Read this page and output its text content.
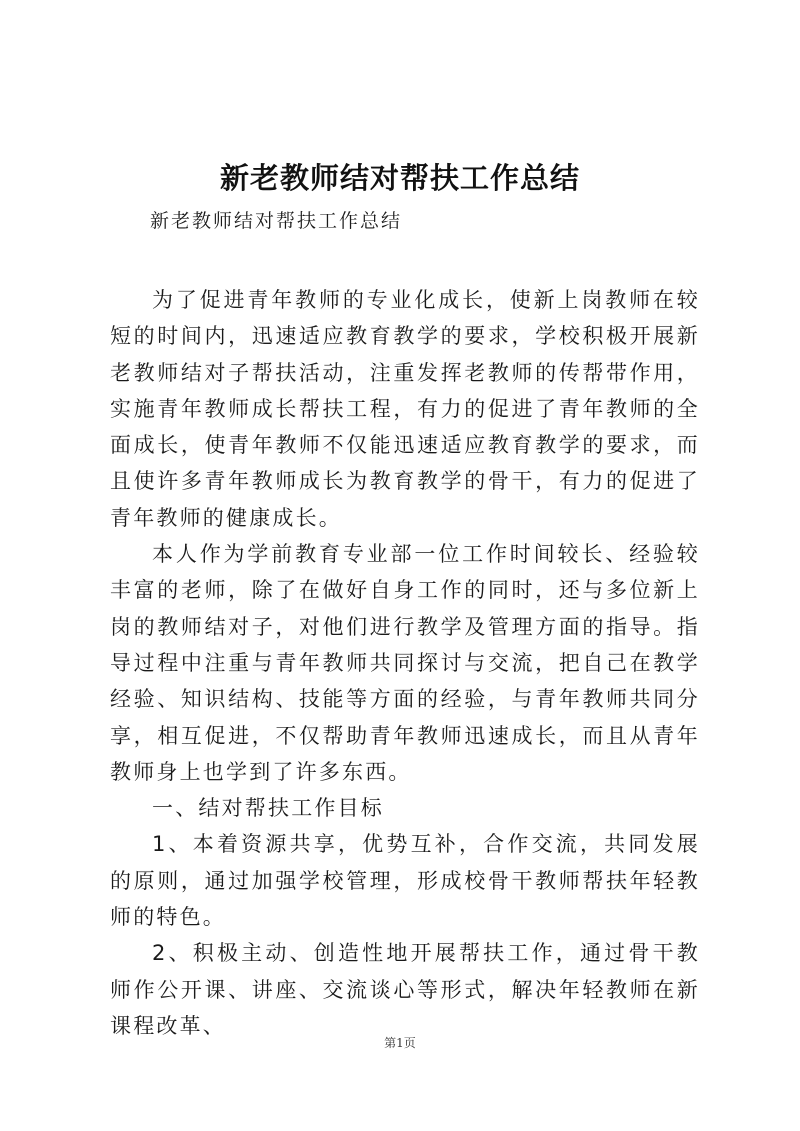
新老教师结对帮扶工作总结
新老教师结对帮扶工作总结

为了促进青年教师的专业化成长，使新上岗教师在较短的时间内，迅速适应教育教学的要求，学校积极开展新老教师结对子帮扶活动，注重发挥老教师的传帮带作用，实施青年教师成长帮扶工程，有力的促进了青年教师的全面成长，使青年教师不仅能迅速适应教育教学的要求，而且使许多青年教师成长为教育教学的骨干，有力的促进了青年教师的健康成长。

本人作为学前教育专业部一位工作时间较长、经验较丰富的老师，除了在做好自身工作的同时，还与多位新上岗的教师结对子，对他们进行教学及管理方面的指导。指导过程中注重与青年教师共同探讨与交流，把自己在教学经验、知识结构、技能等方面的经验，与青年教师共同分享，相互促进，不仅帮助青年教师迅速成长，而且从青年教师身上也学到了许多东西。

一、结对帮扶工作目标

1、本着资源共享，优势互补，合作交流，共同发展的原则，通过加强学校管理，形成校骨干教师帮扶年轻教师的特色。

2、积极主动、创造性地开展帮扶工作，通过骨干教师作公开课、讲座、交流谈心等形式，解决年轻教师在新课程改革、

第1页
